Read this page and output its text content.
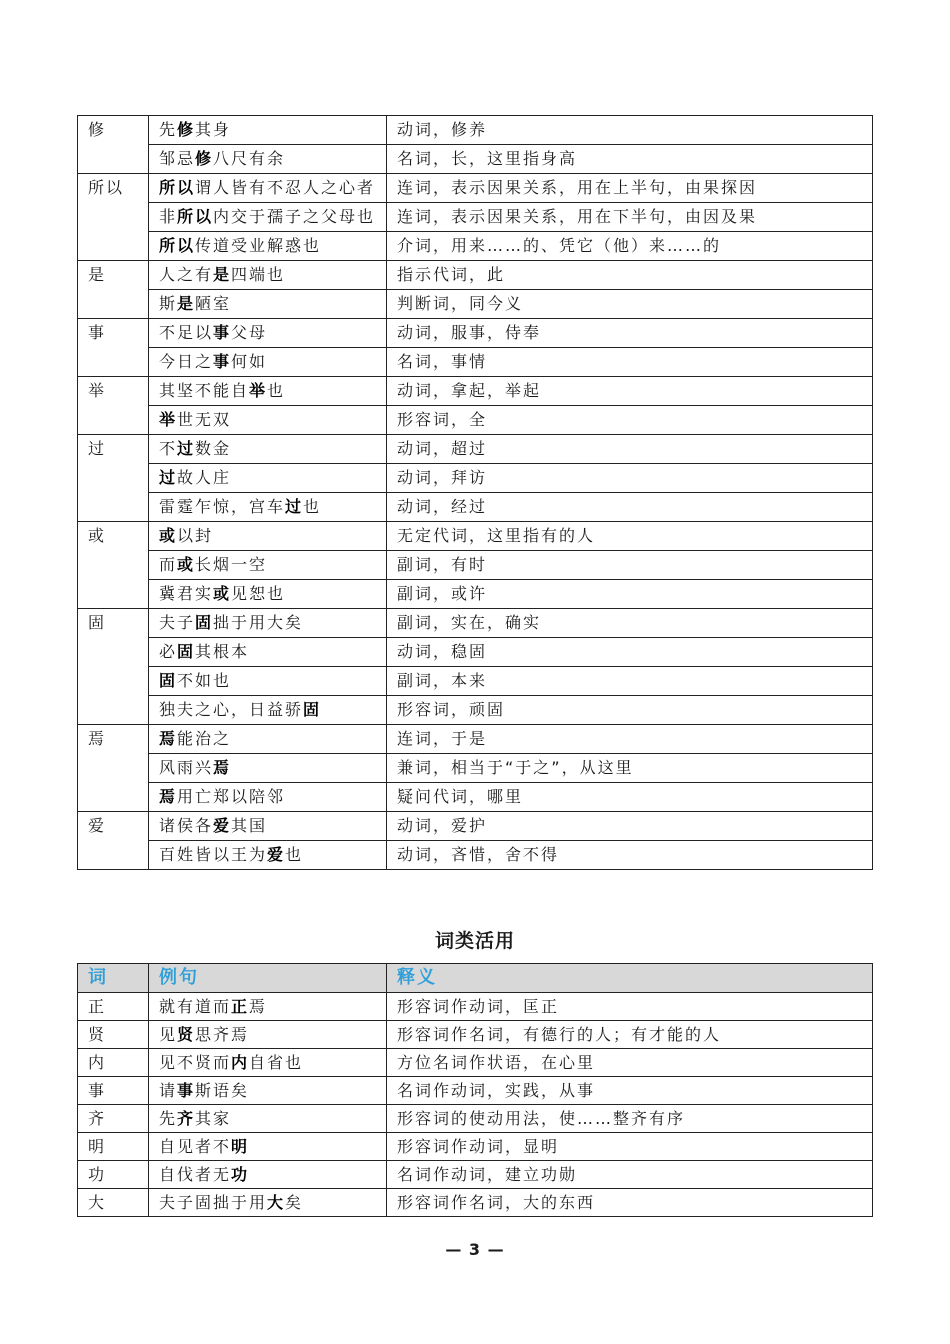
修	先修其身	动词，修养
	邹忌修八尺有余	名词，长，这里指身高
所以	所以谓人皆有不忍人之心者	连词，表示因果关系，用在上半句，由果探因
	非所以内交于孺子之父母也	连词，表示因果关系，用在下半句，由因及果
	所以传道受业解惑也	介词，用来……的、凭它（他）来……的
是	人之有是四端也	指示代词，此
	斯是陋室	判断词，同今义
事	不足以事父母	动词，服事，侍奉
	今日之事何如	名词，事情
举	其坚不能自举也	动词，拿起，举起
	举世无双	形容词，全
过	不过数金	动词，超过
	过故人庄	动词，拜访
	雷霆乍惊，宫车过也	动词，经过
或	或以封	无定代词，这里指有的人
	而或长烟一空	副词，有时
	冀君实或见恕也	副词，或许
固	夫子固拙于用大矣	副词，实在，确实
	必固其根本	动词，稳固
	固不如也	副词，本来
	独夫之心，日益骄固	形容词，顽固
焉	焉能治之	连词，于是
	风雨兴焉	兼词，相当于“于之”，从这里
	焉用亡郑以陪邻	疑问代词，哪里
爱	诸侯各爱其国	动词，爱护
	百姓皆以王为爱也	动词，吝惜，舍不得
词类活用
词	例句	释义
正	就有道而正焉	形容词作动词，匡正
贤	见贤思齐焉	形容词作名词，有德行的人；有才能的人
内	见不贤而内自省也	方位名词作状语，在心里
事	请事斯语矣	名词作动词，实践，从事
齐	先齐其家	形容词的使动用法，使……整齐有序
明	自见者不明	形容词作动词，显明
功	自伐者无功	名词作动词，建立功勋
大	夫子固拙于用大矣	形容词作名词，大的东西
— 3 —
